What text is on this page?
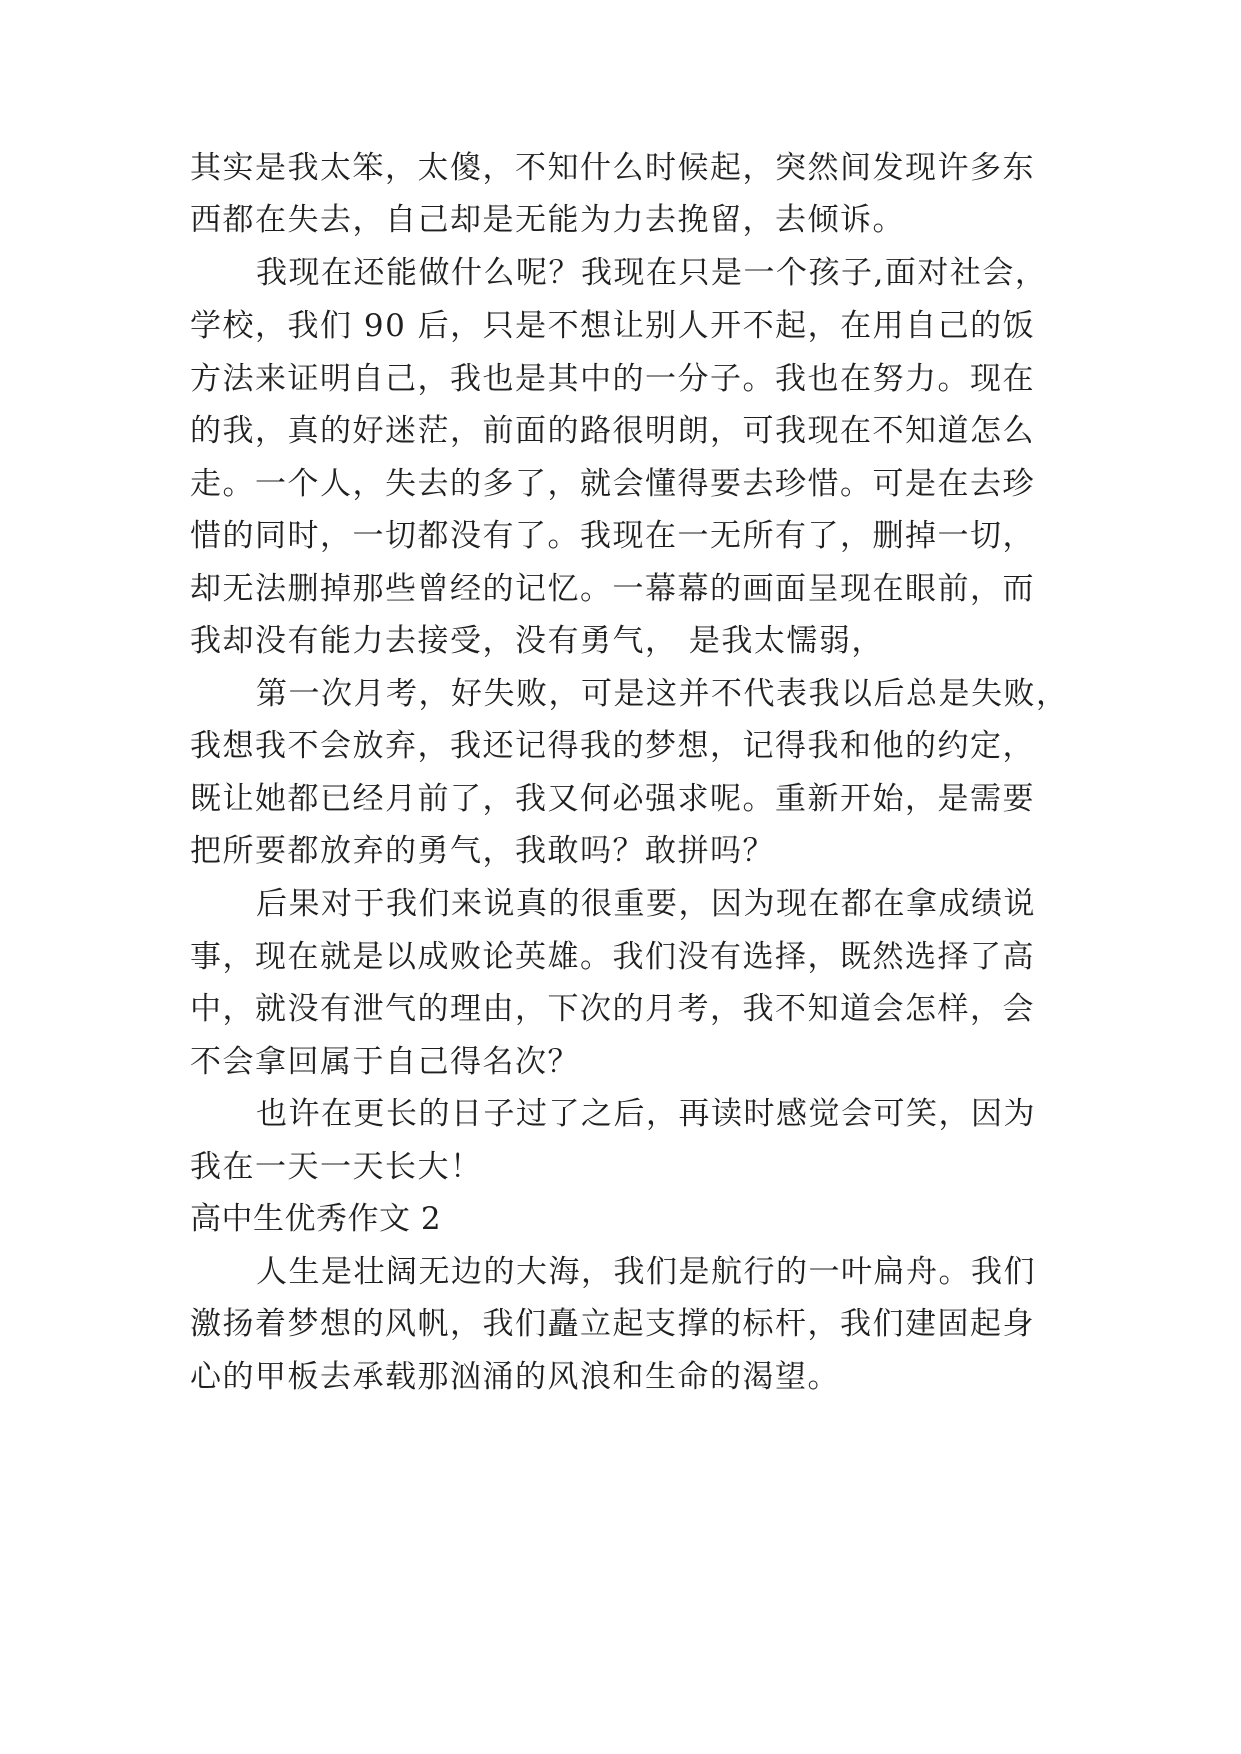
其实是我太笨，太傻，不知什么时候起，突然间发现许多东

西都在失去，自己却是无能为力去挽留，去倾诉。

我现在还能做什么呢？我现在只是一个孩子,面对社会，

学校，我们 90 后，只是不想让别人开不起，在用自己的饭

方法来证明自己，我也是其中的一分子。我也在努力。现在

的我，真的好迷茫，前面的路很明朗，可我现在不知道怎么

走。一个人，失去的多了，就会懂得要去珍惜。可是在去珍

惜的同时，一切都没有了。我现在一无所有了，删掉一切，

却无法删掉那些曾经的记忆。一幕幕的画面呈现在眼前，而

我却没有能力去接受，没有勇气， 是我太懦弱，

第一次月考，好失败，可是这并不代表我以后总是失败，

我想我不会放弃，我还记得我的梦想，记得我和他的约定，

既让她都已经月前了，我又何必强求呢。重新开始，是需要

把所要都放弃的勇气，我敢吗？敢拼吗？

后果对于我们来说真的很重要，因为现在都在拿成绩说

事，现在就是以成败论英雄。我们没有选择，既然选择了高

中，就没有泄气的理由，下次的月考，我不知道会怎样，会

不会拿回属于自己得名次？

也许在更长的日子过了之后，再读时感觉会可笑，因为

我在一天一天长大！

高中生优秀作文 2

人生是壮阔无边的大海，我们是航行的一叶扁舟。我们

激扬着梦想的风帆，我们矗立起支撑的标杆，我们建固起身

心的甲板去承载那汹涌的风浪和生命的渴望。
